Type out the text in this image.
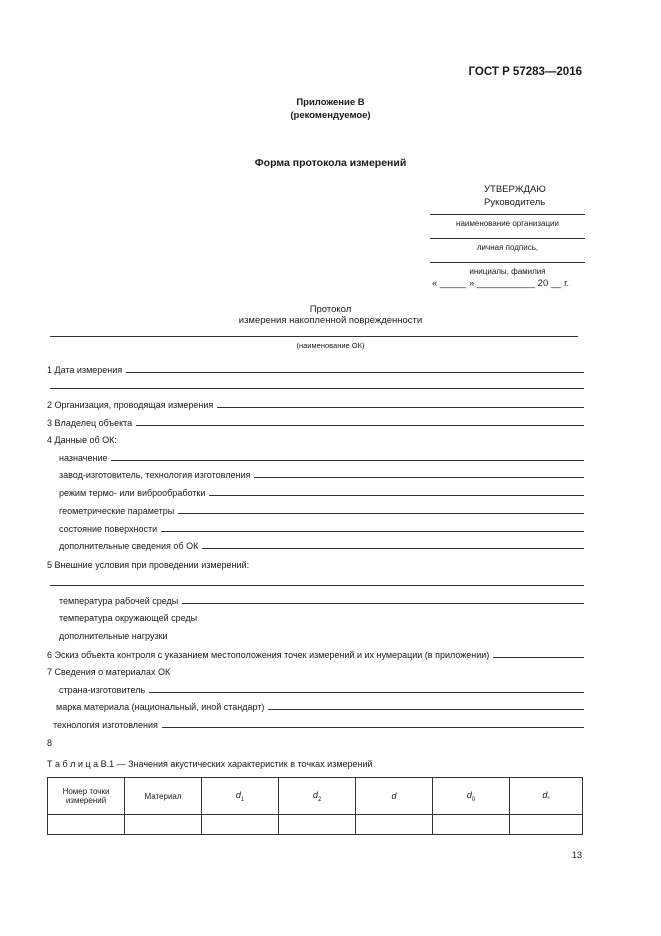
ГОСТ Р 57283—2016
Приложение В
(рекомендуемое)
Форма протокола измерений
УТВЕРЖДАЮ
Руководитель
наименование организации
личная подпись,
инициалы, фамилия
« _____ » ___________ 20 __ г.
Протокол
измерения накопленной поврежденности
(наименование ОК)
1 Дата измерения
2 Организация, проводящая измерения
3 Владелец объекта
4 Данные об ОК:
назначение
завод-изготовитель, технология изготовления
режим термо- или виброобработки
геометрические параметры
состояние поверхности
дополнительные сведения об ОК
5 Внешние условия при проведении измерений:
температура рабочей среды
температура окружающей среды
дополнительные нагрузки
6 Эскиз объекта контроля с указанием местоположения точек измерений и их нумерации (в приложении)
7 Сведения о материалах ОК
страна-изготовитель
марка материала (национальный, иной стандарт)
технология изготовления
8
Т а б л и ц а В.1 — Значения акустических характеристик в точках измерений
Номер точки измерений	Материал	$d_1$	$d_2$	d	$d_0$	$d_*$

13
